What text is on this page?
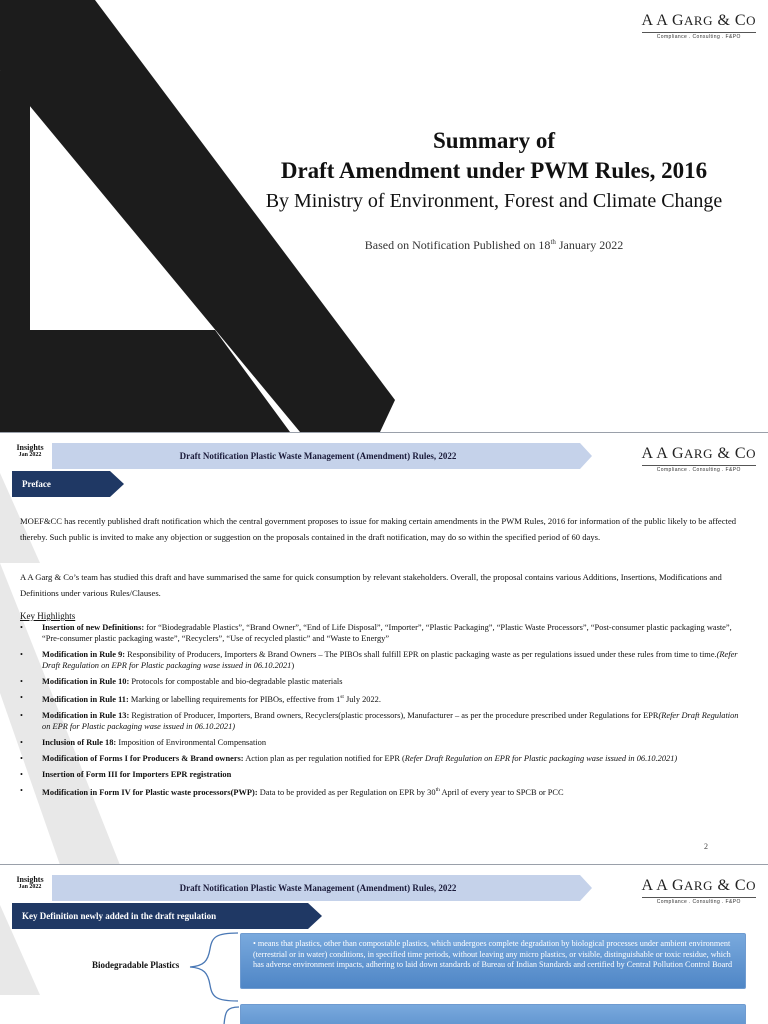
A A GARG & CO
Compliance . Consulting . F&PO
Summary of
Draft Amendment under PWM Rules, 2016
By Ministry of Environment, Forest and Climate Change
Based on Notification Published on 18th January 2022
Insights
Jan 2022	Draft Notification Plastic Waste Management (Amendment) Rules, 2022	A A GARG & CO
Compliance . Consulting . F&PO
Preface

MOEF&CC has recently published draft notification which the central government proposes to issue for making certain amendments in the PWM Rules, 2016 for information of the public likely to be affected thereby. Such public is invited to make any objection or suggestion on the proposals contained in the draft notification, may do so within the specified period of 60 days.

A A Garg & Co’s team has studied this draft and have summarised the same for quick consumption by relevant stakeholders. Overall, the proposal contains various Additions, Insertions, Modifications and Definitions under various Rules/Clauses.

Key Highlights
• Insertion of new Definitions: for “Biodegradable Plastics”, “Brand Owner”, “End of Life Disposal”, “Importer”, “Plastic Packaging”, “Plastic Waste Processors”, “Post-consumer plastic packaging waste”, “Pre-consumer plastic packaging waste”, “Recyclers”, “Use of recycled plastic” and “Waste to Energy”
• Modification in Rule 9: Responsibility of Producers, Importers & Brand Owners – The PIBOs shall fulfill EPR on plastic packaging waste as per regulations issued under these rules from time to time.(Refer Draft Regulation on EPR for Plastic packaging wase issued in 06.10.2021)
• Modification in Rule 10: Protocols for compostable and bio-degradable plastic materials
• Modification in Rule 11: Marking or labelling requirements for PIBOs, effective from 1st July 2022.
• Modification in Rule 13: Registration of Producer, Importers, Brand owners, Recyclers(plastic processors), Manufacturer – as per the procedure prescribed under Regulations for EPR(Refer Draft Regulation on EPR for Plastic packaging wase issued in 06.10.2021)
• Inclusion of Rule 18: Imposition of Environmental Compensation
• Modification of Forms I for Producers & Brand owners: Action plan as per regulation notified for EPR (Refer Draft Regulation on EPR for Plastic packaging wase issued in 06.10.2021)
• Insertion of Form III for Importers EPR registration
• Modification in Form IV for Plastic waste processors(PWP): Data to be provided as per Regulation on EPR by 30th April of every year to SPCB or PCC
2
Insights
Jan 2022	Draft Notification Plastic Waste Management (Amendment) Rules, 2022	A A GARG & CO
Compliance . Consulting . F&PO
Key Definition newly added in the draft regulation
Biodegradable Plastics
• means that plastics, other than compostable plastics, which undergoes complete degradation by biological processes under ambient environment (terrestrial or in water) conditions, in specified time periods, without leaving any micro plastics, or visible, distinguishable or toxic residue, which has adverse environment impacts, adhering to laid down standards of Bureau of Indian Standards and certified by Central Pollution Control Board
